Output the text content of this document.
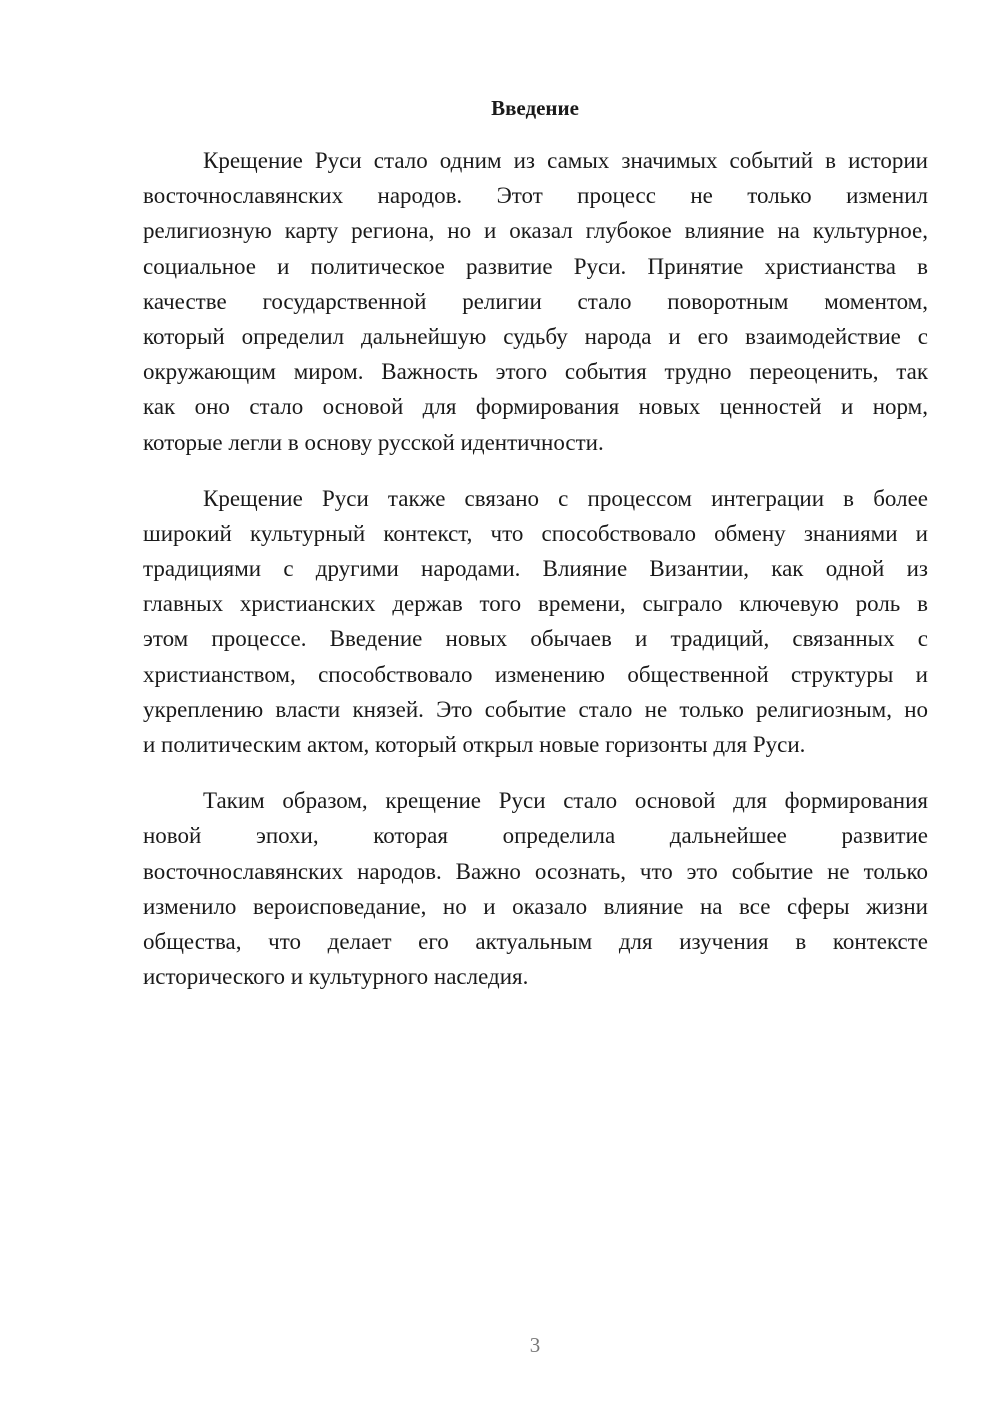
Введение
Крещение Руси стало одним из самых значимых событий в истории
восточнославянских народов. Этот процесс не только изменил
религиозную карту региона, но и оказал глубокое влияние на культурное,
социальное и политическое развитие Руси. Принятие христианства в
качестве государственной религии стало поворотным моментом,
который определил дальнейшую судьбу народа и его взаимодействие с
окружающим миром. Важность этого события трудно переоценить, так
как оно стало основой для формирования новых ценностей и норм,
которые легли в основу русской идентичности.
Крещение Руси также связано с процессом интеграции в более
широкий культурный контекст, что способствовало обмену знаниями и
традициями с другими народами. Влияние Византии, как одной из
главных христианских держав того времени, сыграло ключевую роль в
этом процессе. Введение новых обычаев и традиций, связанных с
христианством, способствовало изменению общественной структуры и
укреплению власти князей. Это событие стало не только религиозным, но
и политическим актом, который открыл новые горизонты для Руси.
Таким образом, крещение Руси стало основой для формирования
новой эпохи, которая определила дальнейшее развитие
восточнославянских народов. Важно осознать, что это событие не только
изменило вероисповедание, но и оказало влияние на все сферы жизни
общества, что делает его актуальным для изучения в контексте
исторического и культурного наследия.
3
